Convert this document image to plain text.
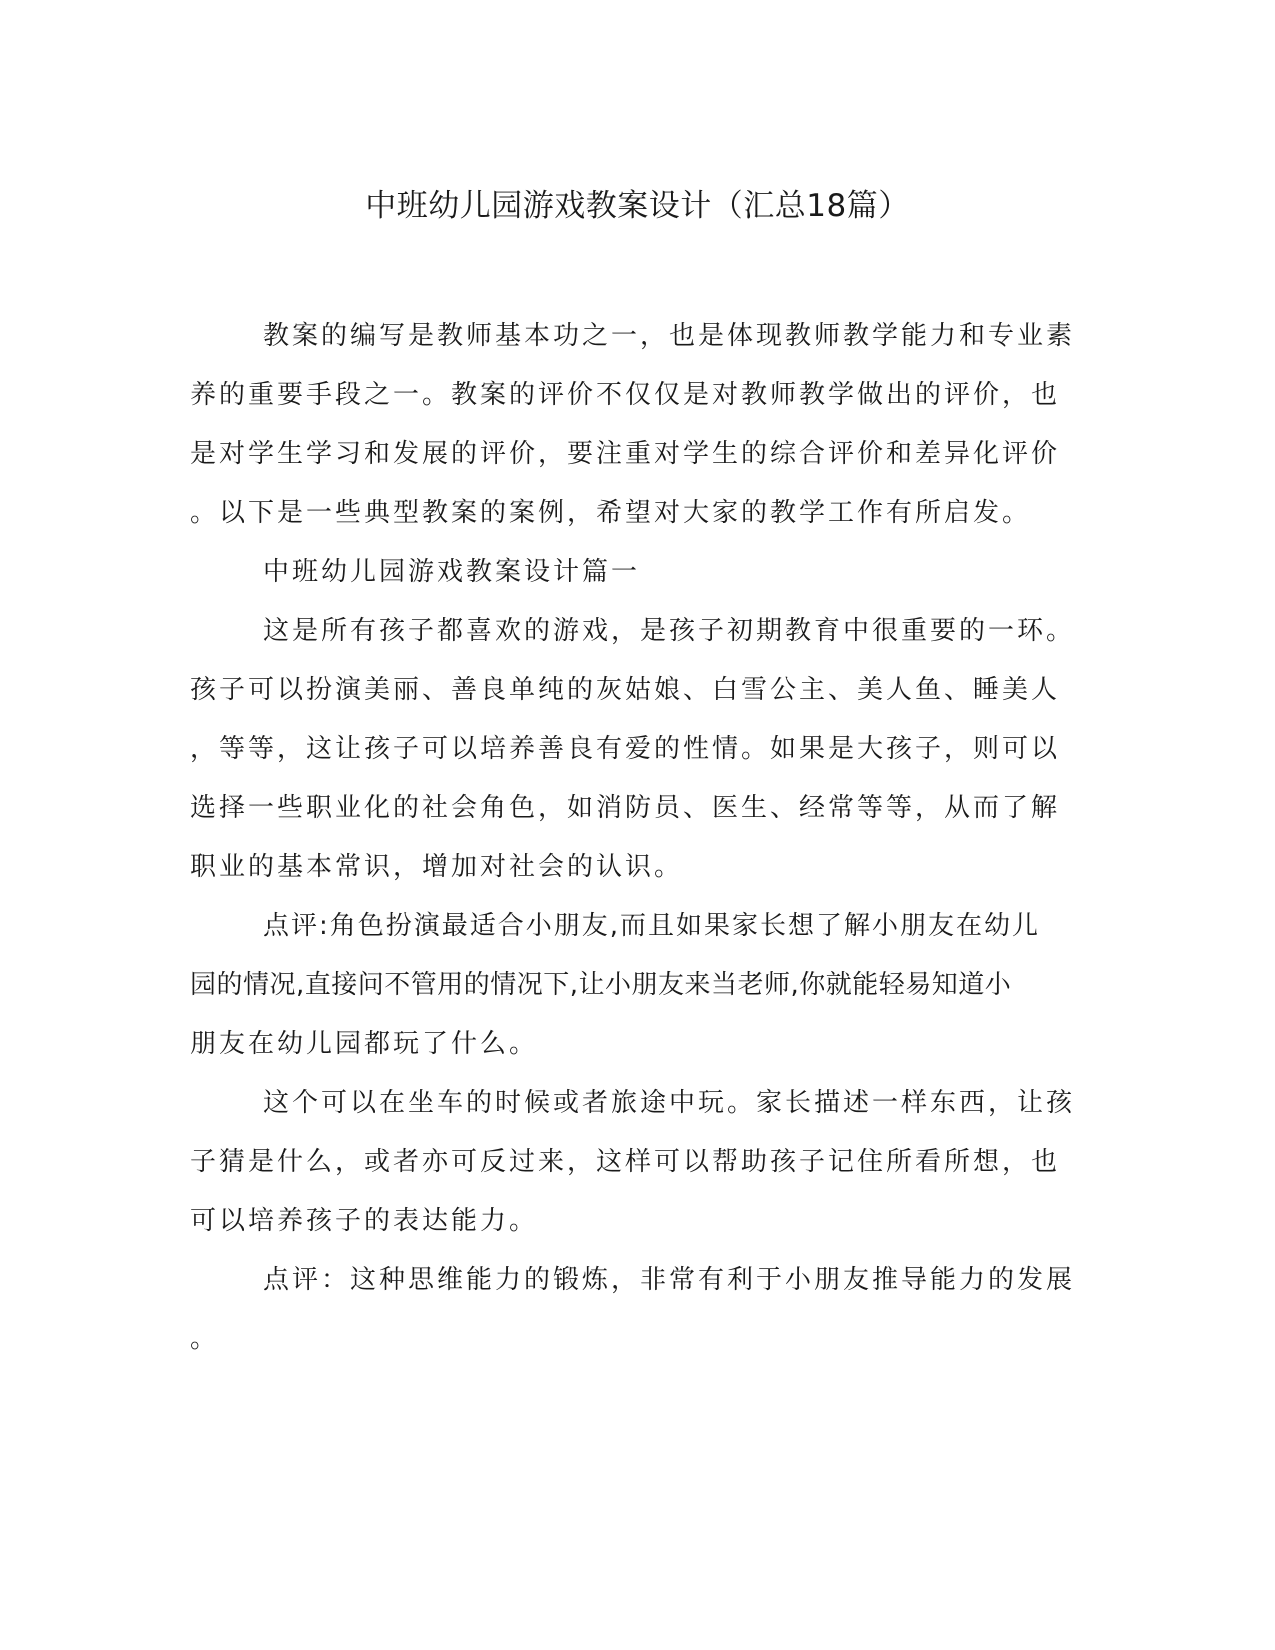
中班幼儿园游戏教案设计（汇总18篇）
教案的编写是教师基本功之一，也是体现教师教学能力和专业素
养的重要手段之一。教案的评价不仅仅是对教师教学做出的评价，也
是对学生学习和发展的评价，要注重对学生的综合评价和差异化评价
。以下是一些典型教案的案例，希望对大家的教学工作有所启发。
中班幼儿园游戏教案设计篇一
这是所有孩子都喜欢的游戏，是孩子初期教育中很重要的一环。
孩子可以扮演美丽、善良单纯的灰姑娘、白雪公主、美人鱼、睡美人
，等等，这让孩子可以培养善良有爱的性情。如果是大孩子，则可以
选择一些职业化的社会角色，如消防员、医生、经常等等，从而了解
职业的基本常识，增加对社会的认识。
点评:角色扮演最适合小朋友,而且如果家长想了解小朋友在幼儿
园的情况,直接问不管用的情况下,让小朋友来当老师,你就能轻易知道小
朋友在幼儿园都玩了什么。
这个可以在坐车的时候或者旅途中玩。家长描述一样东西，让孩
子猜是什么，或者亦可反过来，这样可以帮助孩子记住所看所想，也
可以培养孩子的表达能力。
点评：这种思维能力的锻炼，非常有利于小朋友推导能力的发展
。
